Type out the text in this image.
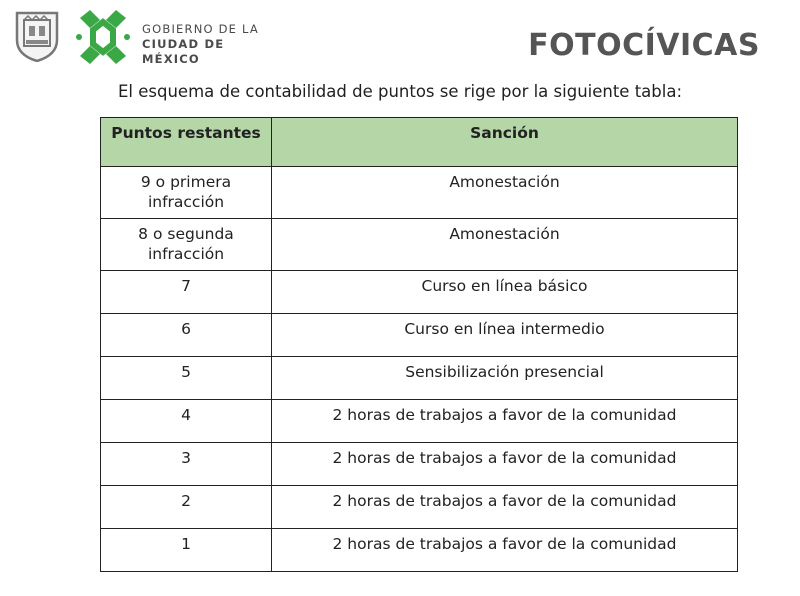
GOBIERNO DE LA
CIUDAD DE MÉXICO	FOTOCÍVICAS
El esquema de contabilidad de puntos se rige por la siguiente tabla:
Puntos restantes	Sanción
9 o primera infracción	Amonestación
8 o segunda infracción	Amonestación
7	Curso en línea básico
6	Curso en línea intermedio
5	Sensibilización presencial
4	2 horas de trabajos a favor de la comunidad
3	2 horas de trabajos a favor de la comunidad
2	2 horas de trabajos a favor de la comunidad
1	2 horas de trabajos a favor de la comunidad
